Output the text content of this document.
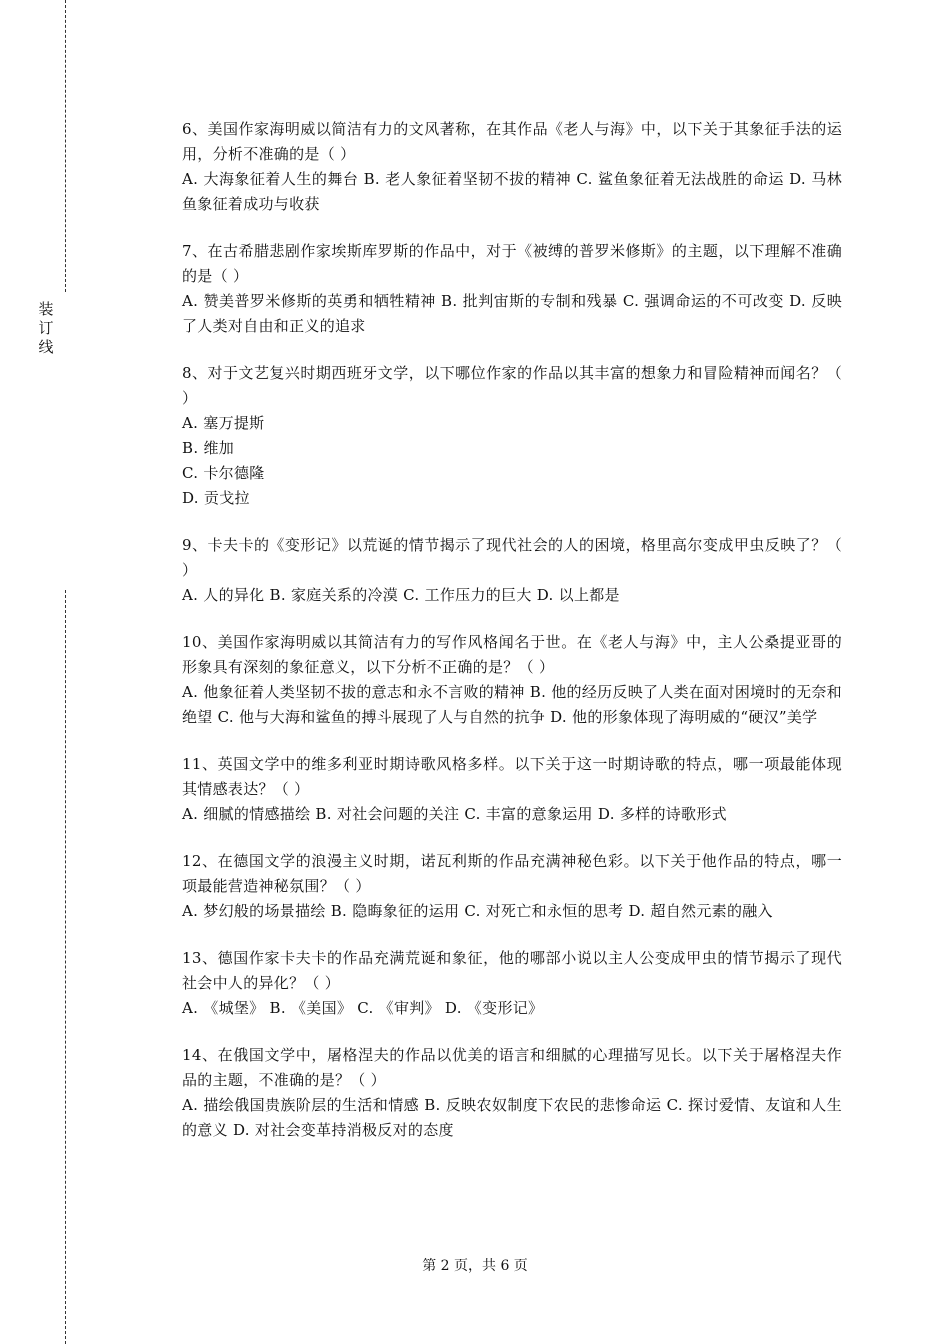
装
订
线

6、美国作家海明威以简洁有力的文风著称，在其作品《老人与海》中，以下关于其象征手法的运用，分析不准确的是（ ）

A. 大海象征着人生的舞台 B. 老人象征着坚韧不拔的精神 C. 鲨鱼象征着无法战胜的命运 D. 马林鱼象征着成功与收获

7、在古希腊悲剧作家埃斯库罗斯的作品中，对于《被缚的普罗米修斯》的主题，以下理解不准确的是（ ）

A. 赞美普罗米修斯的英勇和牺牲精神 B. 批判宙斯的专制和残暴 C. 强调命运的不可改变 D. 反映了人类对自由和正义的追求

8、对于文艺复兴时期西班牙文学，以下哪位作家的作品以其丰富的想象力和冒险精神而闻名？（ ）

A. 塞万提斯
B. 维加
C. 卡尔德隆
D. 贡戈拉

9、卡夫卡的《变形记》以荒诞的情节揭示了现代社会的人的困境，格里高尔变成甲虫反映了？（ ）

A. 人的异化 B. 家庭关系的冷漠 C. 工作压力的巨大 D. 以上都是

10、美国作家海明威以其简洁有力的写作风格闻名于世。在《老人与海》中，主人公桑提亚哥的形象具有深刻的象征意义，以下分析不正确的是？（ ）

A. 他象征着人类坚韧不拔的意志和永不言败的精神 B. 他的经历反映了人类在面对困境时的无奈和绝望 C. 他与大海和鲨鱼的搏斗展现了人与自然的抗争 D. 他的形象体现了海明威的“硬汉”美学

11、英国文学中的维多利亚时期诗歌风格多样。以下关于这一时期诗歌的特点，哪一项最能体现其情感表达？（ ）

A. 细腻的情感描绘 B. 对社会问题的关注 C. 丰富的意象运用 D. 多样的诗歌形式

12、在德国文学的浪漫主义时期，诺瓦利斯的作品充满神秘色彩。以下关于他作品的特点，哪一项最能营造神秘氛围？（ ）

A. 梦幻般的场景描绘 B. 隐晦象征的运用 C. 对死亡和永恒的思考 D. 超自然元素的融入

13、德国作家卡夫卡的作品充满荒诞和象征，他的哪部小说以主人公变成甲虫的情节揭示了现代社会中人的异化？（ ）

A. 《城堡》 B. 《美国》 C. 《审判》 D. 《变形记》

14、在俄国文学中，屠格涅夫的作品以优美的语言和细腻的心理描写见长。以下关于屠格涅夫作品的主题，不准确的是？（ ）

A. 描绘俄国贵族阶层的生活和情感 B. 反映农奴制度下农民的悲惨命运 C. 探讨爱情、友谊和人生的意义 D. 对社会变革持消极反对的态度

第 2 页，共 6 页
